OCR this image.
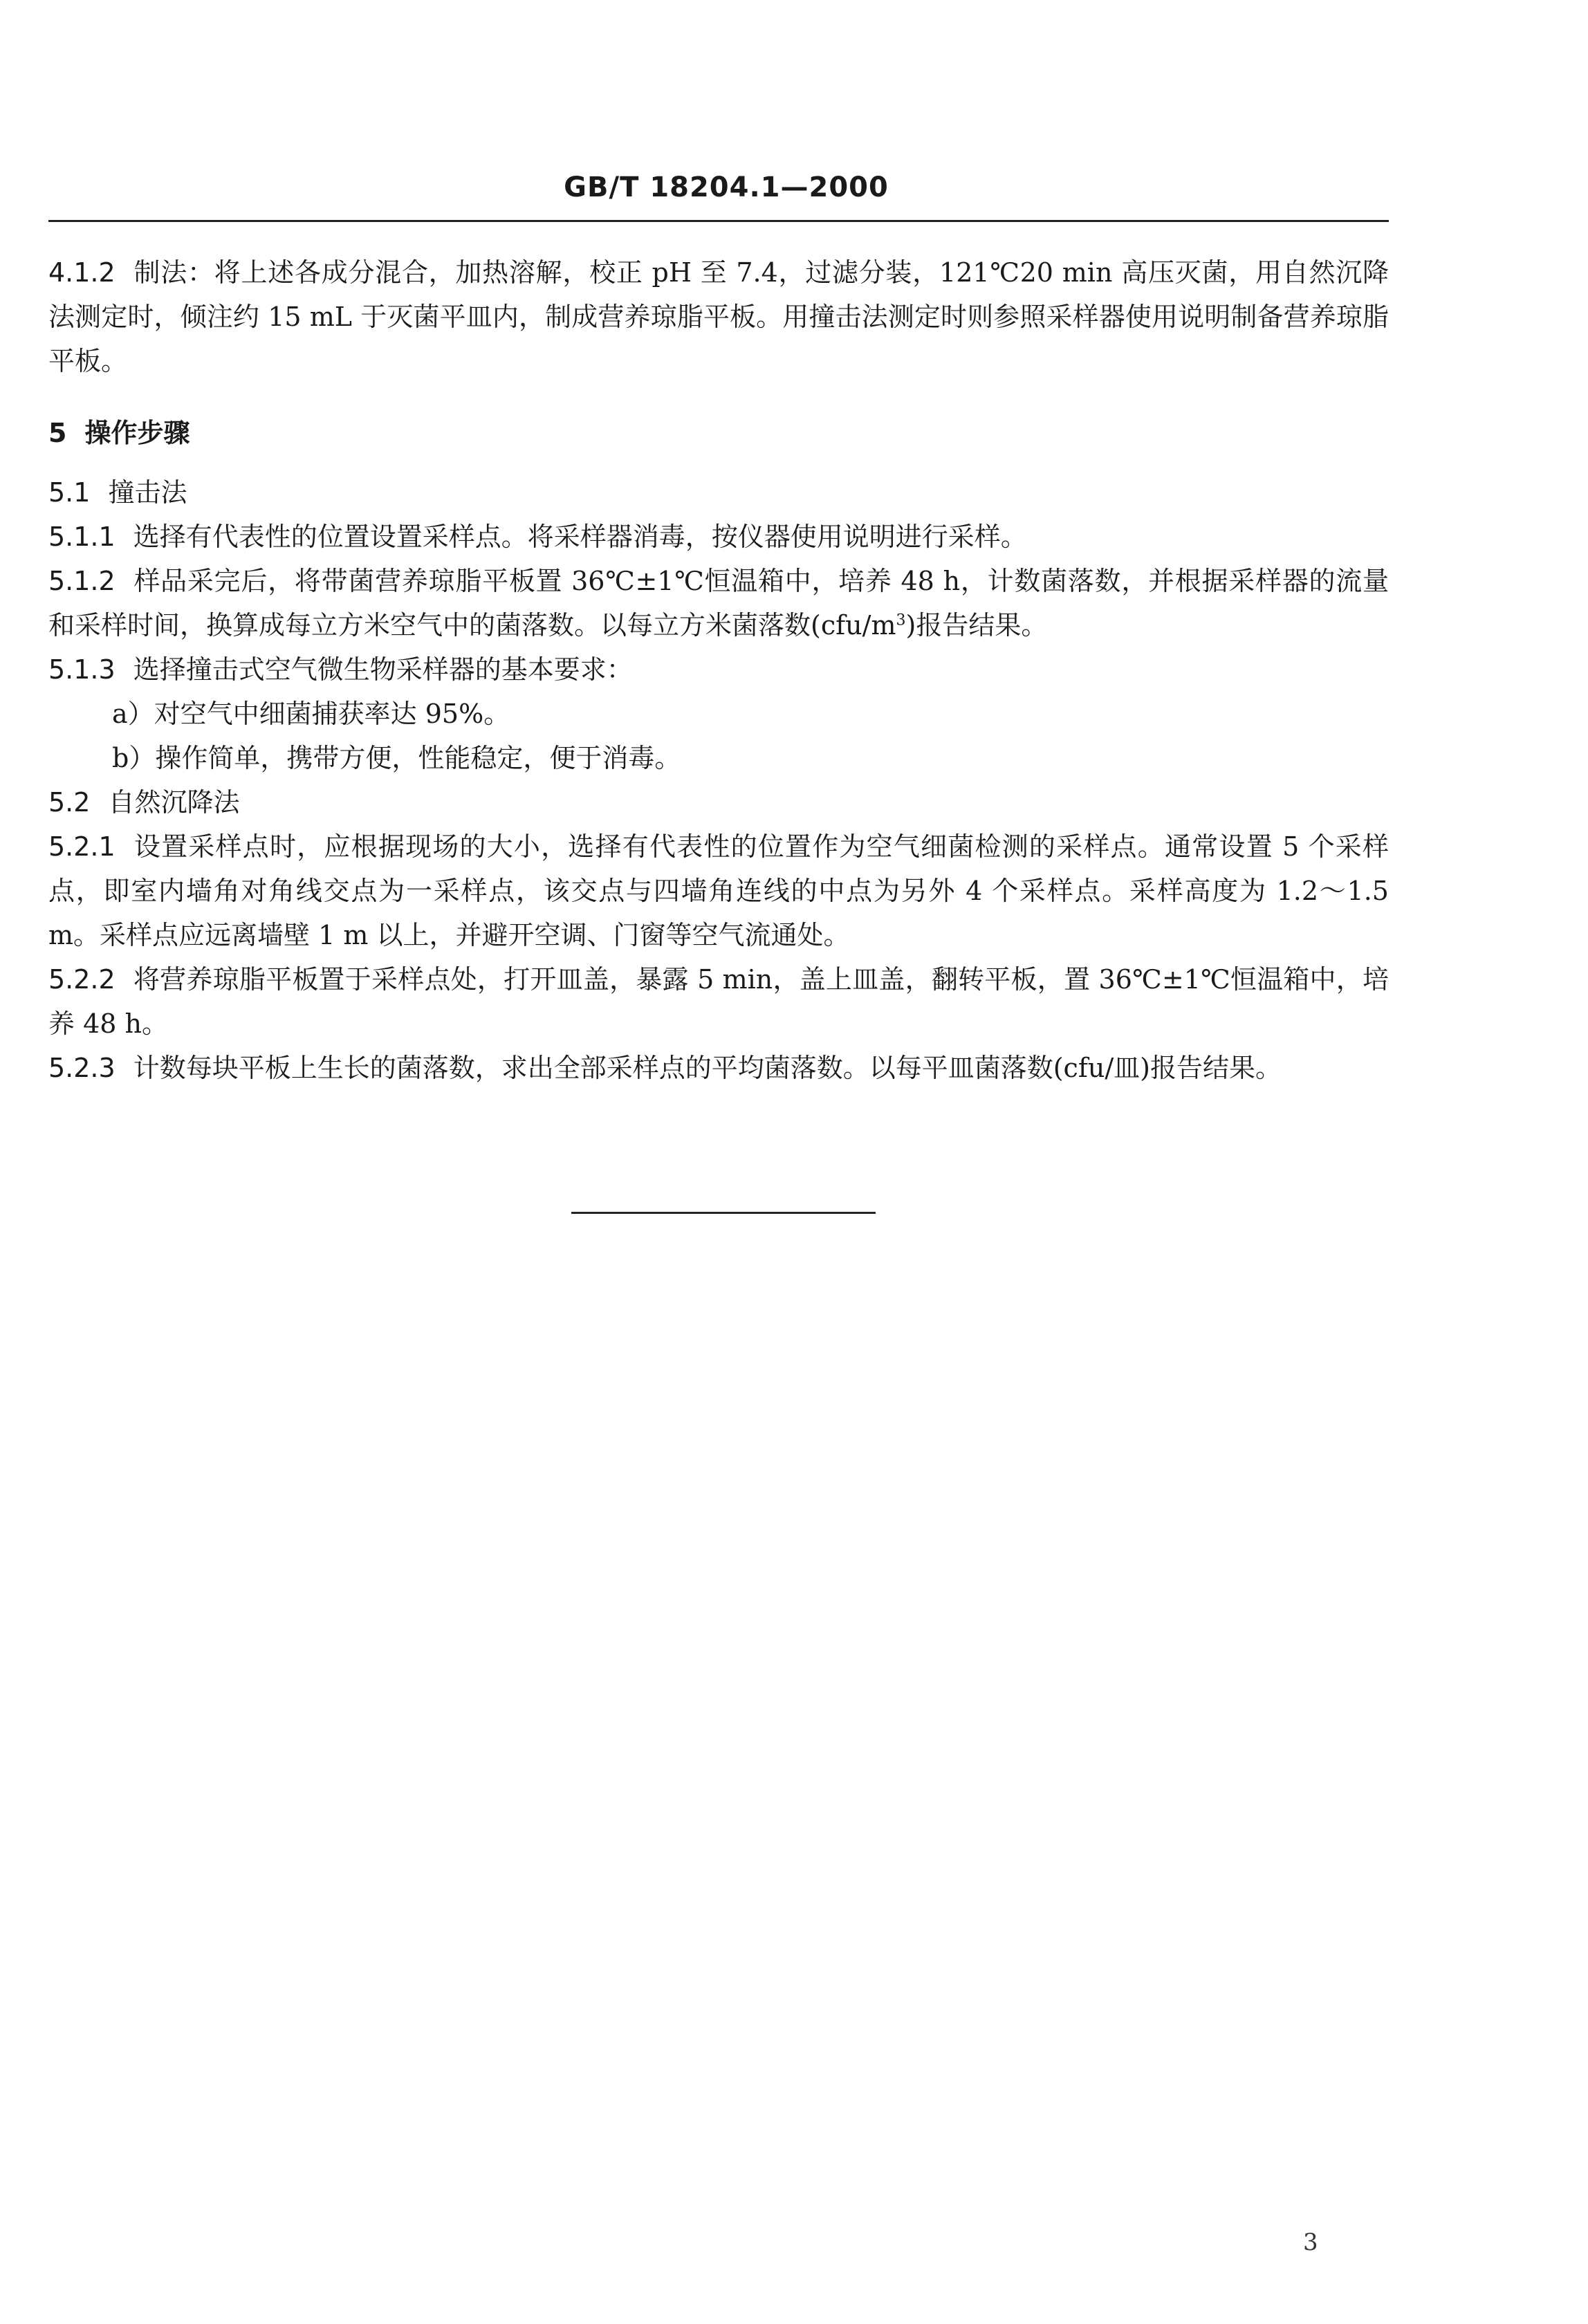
GB/T 18204.1—2000

4.1.2 制法：将上述各成分混合，加热溶解，校正 pH 至 7.4，过滤分装，121℃20 min 高压灭菌，用自然沉降法测定时，倾注约 15 mL 于灭菌平皿内，制成营养琼脂平板。用撞击法测定时则参照采样器使用说明制备营养琼脂平板。

5 操作步骤

5.1 撞击法

5.1.1 选择有代表性的位置设置采样点。将采样器消毒，按仪器使用说明进行采样。

5.1.2 样品采完后，将带菌营养琼脂平板置 36℃±1℃恒温箱中，培养 48 h，计数菌落数，并根据采样器的流量和采样时间，换算成每立方米空气中的菌落数。以每立方米菌落数$(cfu/m^3)$报告结果。

5.1.3 选择撞击式空气微生物采样器的基本要求：

a）对空气中细菌捕获率达 95%。

b）操作简单，携带方便，性能稳定，便于消毒。

5.2 自然沉降法

5.2.1 设置采样点时，应根据现场的大小，选择有代表性的位置作为空气细菌检测的采样点。通常设置 5 个采样点，即室内墙角对角线交点为一采样点，该交点与四墙角连线的中点为另外 4 个采样点。采样高度为 1.2～1.5 m。采样点应远离墙壁 1 m 以上，并避开空调、门窗等空气流通处。

5.2.2 将营养琼脂平板置于采样点处，打开皿盖，暴露 5 min，盖上皿盖，翻转平板，置 36℃±1℃恒温箱中，培养 48 h。

5.2.3 计数每块平板上生长的菌落数，求出全部采样点的平均菌落数。以每平皿菌落数(cfu/皿)报告结果。

3
